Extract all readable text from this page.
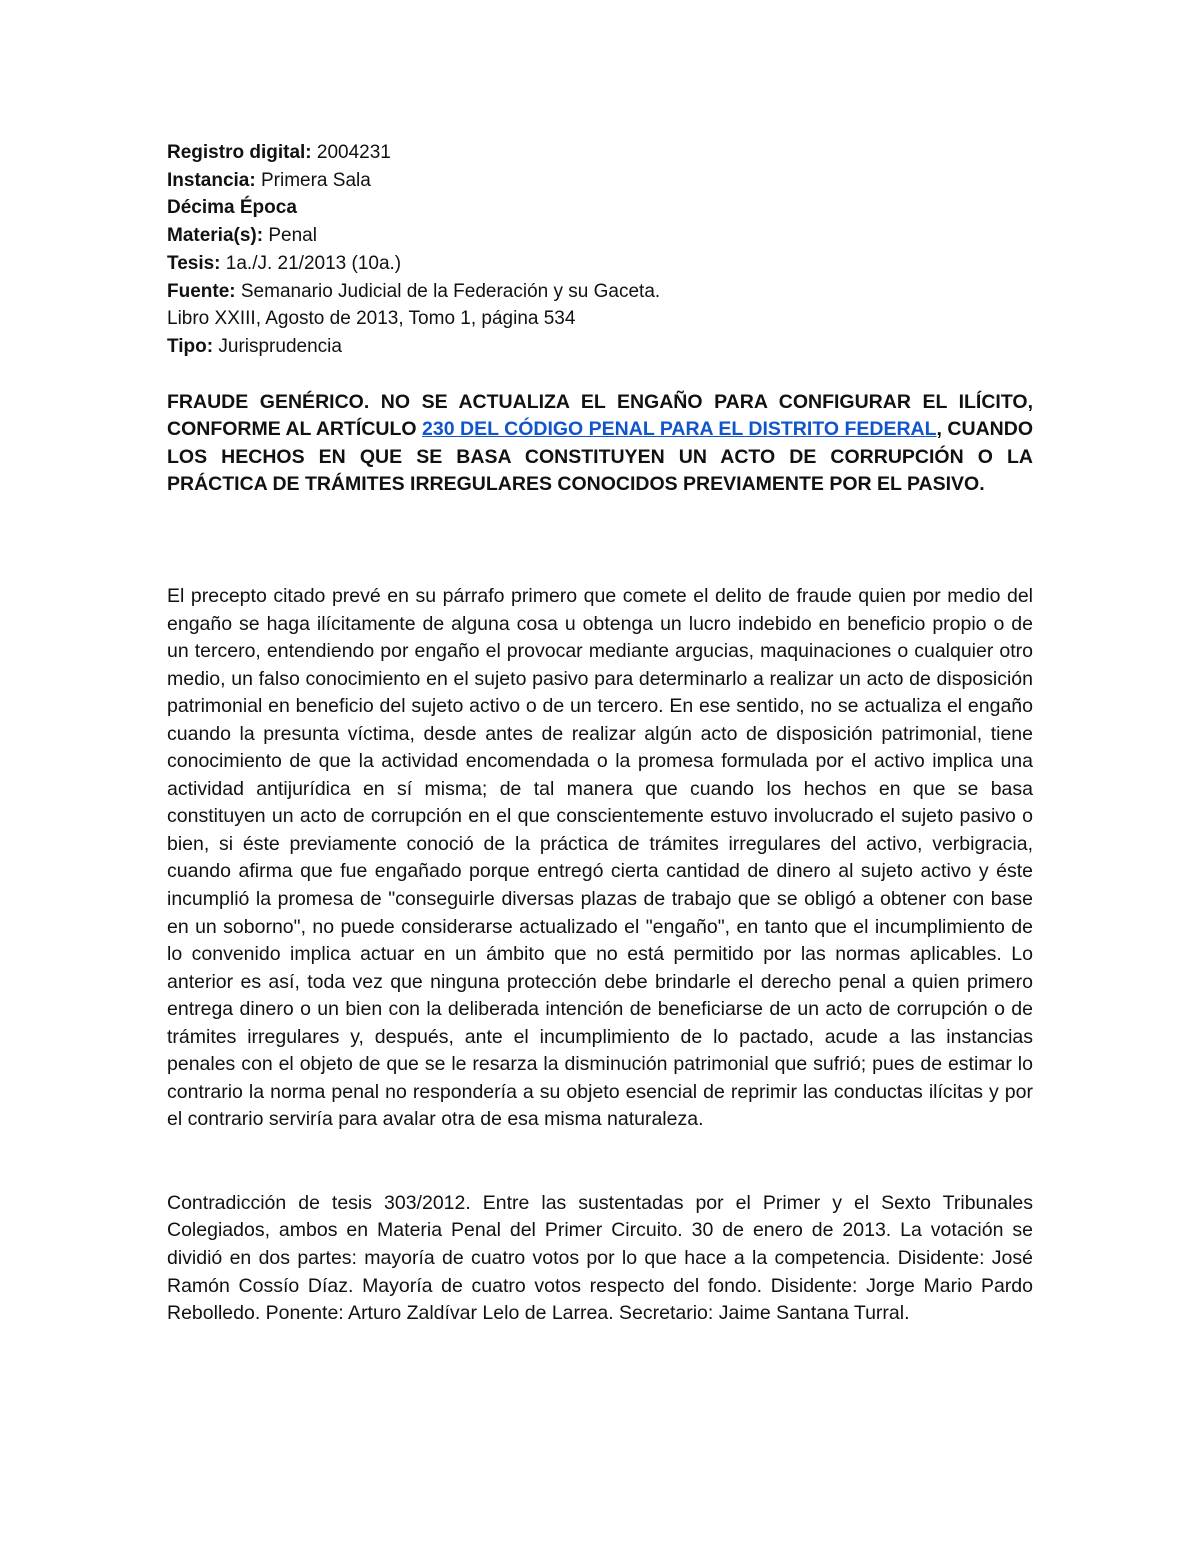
Registro digital: 2004231
Instancia: Primera Sala
Décima Época
Materia(s): Penal
Tesis: 1a./J. 21/2013 (10a.)
Fuente: Semanario Judicial de la Federación y su Gaceta.
Libro XXIII, Agosto de 2013, Tomo 1, página 534
Tipo: Jurisprudencia

FRAUDE GENÉRICO. NO SE ACTUALIZA EL ENGAÑO PARA CONFIGURAR EL ILÍCITO, CONFORME AL ARTÍCULO 230 DEL CÓDIGO PENAL PARA EL DISTRITO FEDERAL, CUANDO LOS HECHOS EN QUE SE BASA CONSTITUYEN UN ACTO DE CORRUPCIÓN O LA PRÁCTICA DE TRÁMITES IRREGULARES CONOCIDOS PREVIAMENTE POR EL PASIVO.

El precepto citado prevé en su párrafo primero que comete el delito de fraude quien por medio del engaño se haga ilícitamente de alguna cosa u obtenga un lucro indebido en beneficio propio o de un tercero, entendiendo por engaño el provocar mediante argucias, maquinaciones o cualquier otro medio, un falso conocimiento en el sujeto pasivo para determinarlo a realizar un acto de disposición patrimonial en beneficio del sujeto activo o de un tercero. En ese sentido, no se actualiza el engaño cuando la presunta víctima, desde antes de realizar algún acto de disposición patrimonial, tiene conocimiento de que la actividad encomendada o la promesa formulada por el activo implica una actividad antijurídica en sí misma; de tal manera que cuando los hechos en que se basa constituyen un acto de corrupción en el que conscientemente estuvo involucrado el sujeto pasivo o bien, si éste previamente conoció de la práctica de trámites irregulares del activo, verbigracia, cuando afirma que fue engañado porque entregó cierta cantidad de dinero al sujeto activo y éste incumplió la promesa de "conseguirle diversas plazas de trabajo que se obligó a obtener con base en un soborno", no puede considerarse actualizado el "engaño", en tanto que el incumplimiento de lo convenido implica actuar en un ámbito que no está permitido por las normas aplicables. Lo anterior es así, toda vez que ninguna protección debe brindarle el derecho penal a quien primero entrega dinero o un bien con la deliberada intención de beneficiarse de un acto de corrupción o de trámites irregulares y, después, ante el incumplimiento de lo pactado, acude a las instancias penales con el objeto de que se le resarza la disminución patrimonial que sufrió; pues de estimar lo contrario la norma penal no respondería a su objeto esencial de reprimir las conductas ilícitas y por el contrario serviría para avalar otra de esa misma naturaleza.

Contradicción de tesis 303/2012. Entre las sustentadas por el Primer y el Sexto Tribunales Colegiados, ambos en Materia Penal del Primer Circuito. 30 de enero de 2013. La votación se dividió en dos partes: mayoría de cuatro votos por lo que hace a la competencia. Disidente: José Ramón Cossío Díaz. Mayoría de cuatro votos respecto del fondo. Disidente: Jorge Mario Pardo Rebolledo. Ponente: Arturo Zaldívar Lelo de Larrea. Secretario: Jaime Santana Turral.
